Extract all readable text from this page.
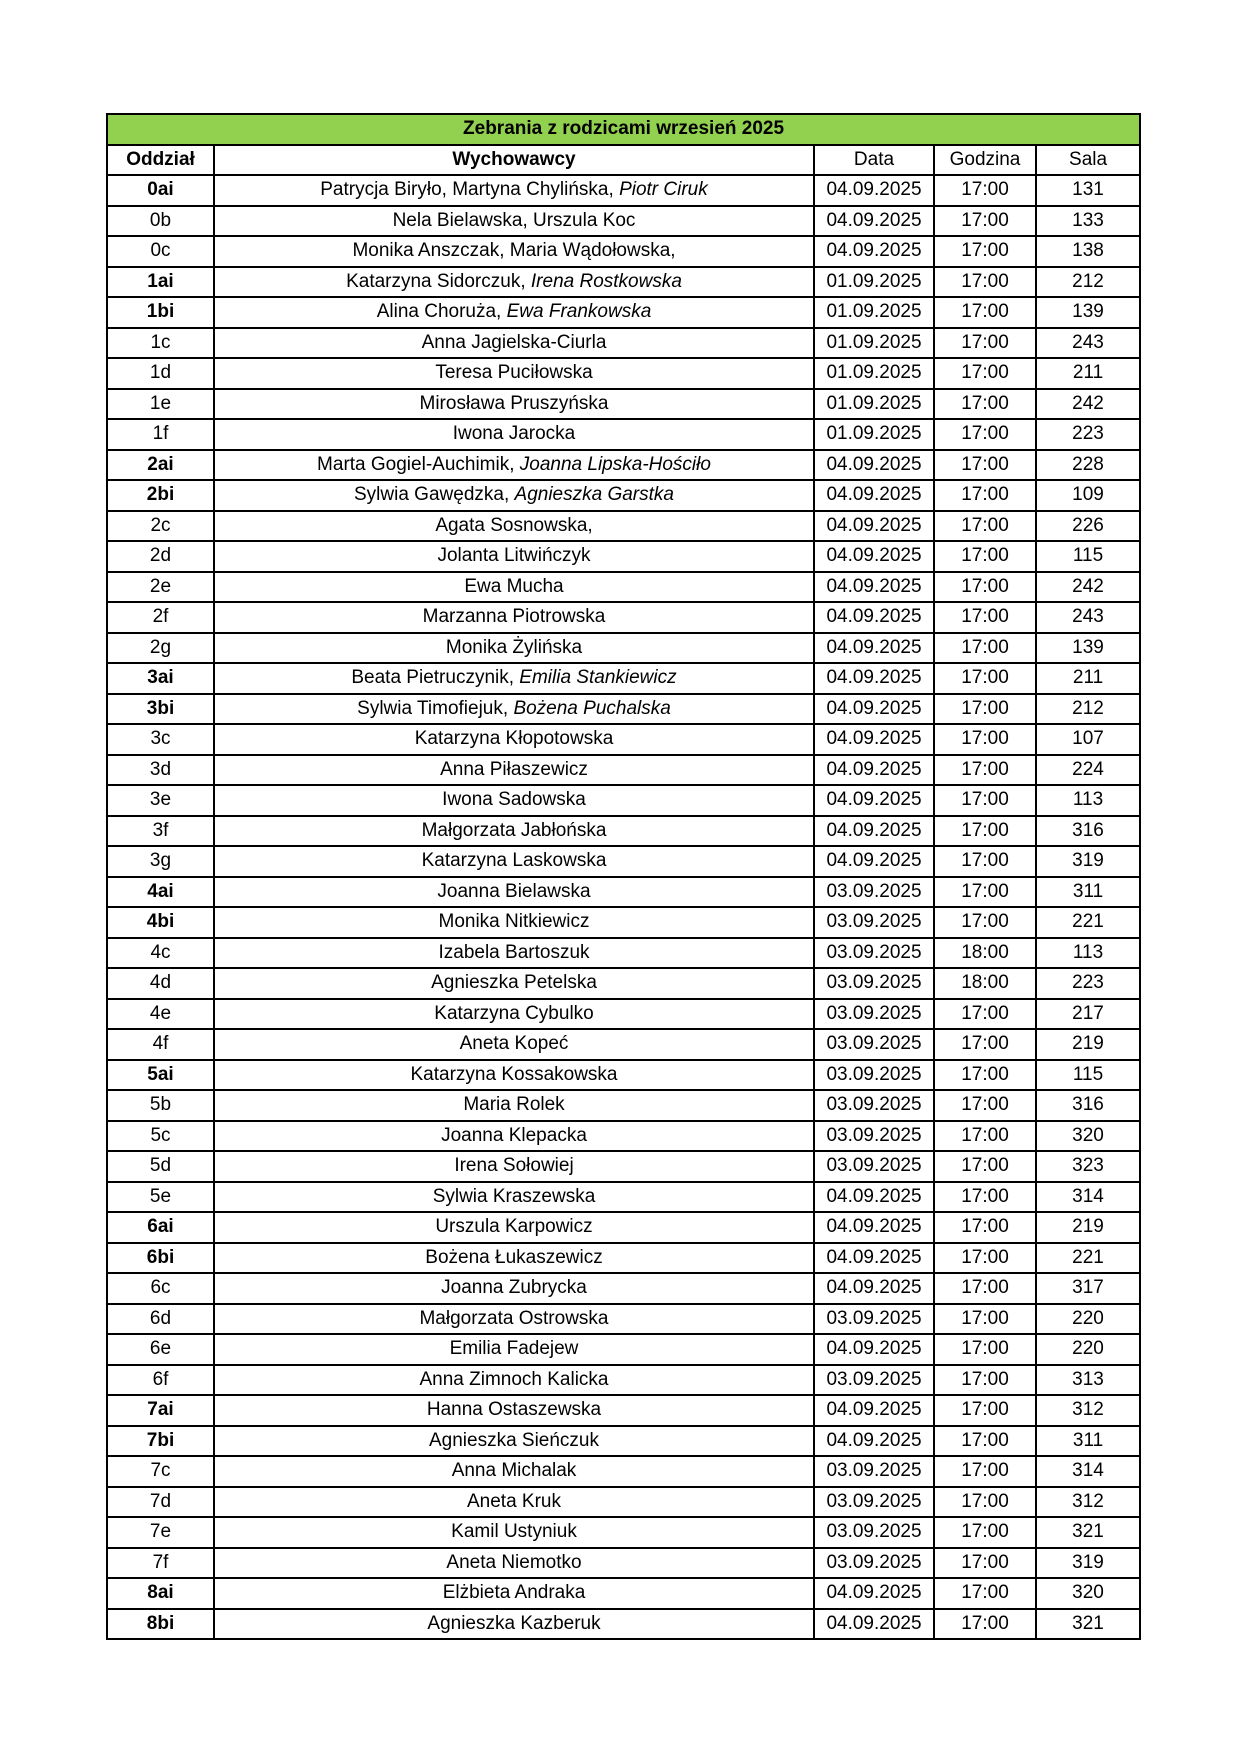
Zebrania z rodzicami wrzesień 2025				
Oddział	Wychowawcy	Data	Godzina	Sala
0ai	Patrycja Biryło, Martyna Chylińska, Piotr Ciruk	04.09.2025	17:00	131
0b	Nela Bielawska, Urszula Koc	04.09.2025	17:00	133
0c	Monika Anszczak, Maria Wądołowska,	04.09.2025	17:00	138
1ai	Katarzyna Sidorczuk, Irena Rostkowska	01.09.2025	17:00	212
1bi	Alina Choruża, Ewa Frankowska	01.09.2025	17:00	139
1c	Anna Jagielska-Ciurla	01.09.2025	17:00	243
1d	Teresa Puciłowska	01.09.2025	17:00	211
1e	Mirosława Pruszyńska	01.09.2025	17:00	242
1f	Iwona Jarocka	01.09.2025	17:00	223
2ai	Marta Gogiel-Auchimik, Joanna Lipska-Hościło	04.09.2025	17:00	228
2bi	Sylwia Gawędzka, Agnieszka Garstka	04.09.2025	17:00	109
2c	Agata Sosnowska,	04.09.2025	17:00	226
2d	Jolanta Litwińczyk	04.09.2025	17:00	115
2e	Ewa Mucha	04.09.2025	17:00	242
2f	Marzanna Piotrowska	04.09.2025	17:00	243
2g	Monika Żylińska	04.09.2025	17:00	139
3ai	Beata Pietruczynik, Emilia Stankiewicz	04.09.2025	17:00	211
3bi	Sylwia Timofiejuk, Bożena Puchalska	04.09.2025	17:00	212
3c	Katarzyna Kłopotowska	04.09.2025	17:00	107
3d	Anna Piłaszewicz	04.09.2025	17:00	224
3e	Iwona Sadowska	04.09.2025	17:00	113
3f	Małgorzata Jabłońska	04.09.2025	17:00	316
3g	Katarzyna Laskowska	04.09.2025	17:00	319
4ai	Joanna Bielawska	03.09.2025	17:00	311
4bi	Monika Nitkiewicz	03.09.2025	17:00	221
4c	Izabela Bartoszuk	03.09.2025	18:00	113
4d	Agnieszka Petelska	03.09.2025	18:00	223
4e	Katarzyna Cybulko	03.09.2025	17:00	217
4f	Aneta Kopeć	03.09.2025	17:00	219
5ai	Katarzyna Kossakowska	03.09.2025	17:00	115
5b	Maria Rolek	03.09.2025	17:00	316
5c	Joanna Klepacka	03.09.2025	17:00	320
5d	Irena Sołowiej	03.09.2025	17:00	323
5e	Sylwia Kraszewska	04.09.2025	17:00	314
6ai	Urszula Karpowicz	04.09.2025	17:00	219
6bi	Bożena Łukaszewicz	04.09.2025	17:00	221
6c	Joanna Zubrycka	04.09.2025	17:00	317
6d	Małgorzata Ostrowska	03.09.2025	17:00	220
6e	Emilia Fadejew	04.09.2025	17:00	220
6f	Anna Zimnoch Kalicka	03.09.2025	17:00	313
7ai	Hanna Ostaszewska	04.09.2025	17:00	312
7bi	Agnieszka Sieńczuk	04.09.2025	17:00	311
7c	Anna Michalak	03.09.2025	17:00	314
7d	Aneta Kruk	03.09.2025	17:00	312
7e	Kamil Ustyniuk	03.09.2025	17:00	321
7f	Aneta Niemotko	03.09.2025	17:00	319
8ai	Elżbieta Andraka	04.09.2025	17:00	320
8bi	Agnieszka Kazberuk	04.09.2025	17:00	321
